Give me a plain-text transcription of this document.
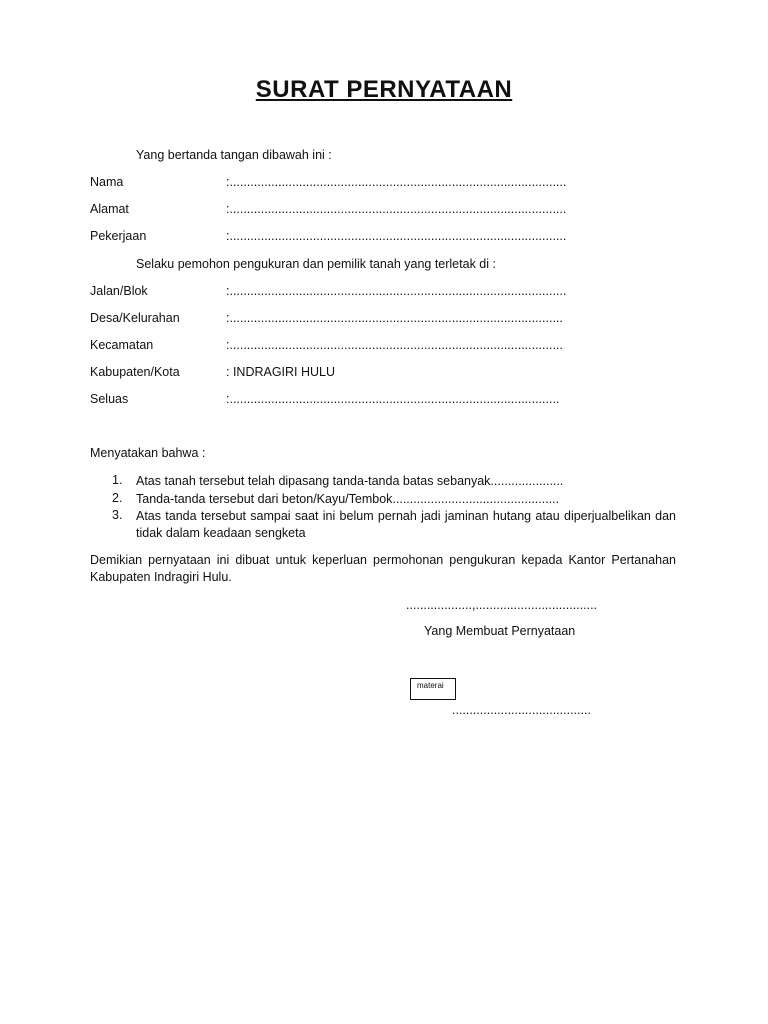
SURAT PERNYATAAN
Yang bertanda tangan dibawah ini :
Nama	:.................................................................................................
Alamat	:.................................................................................................
Pekerjaan	:.................................................................................................
Selaku pemohon pengukuran dan pemilik tanah yang terletak di :
Jalan/Blok	:.................................................................................................
Desa/Kelurahan	:................................................................................................
Kecamatan	:................................................................................................
Kabupaten/Kota	: INDRAGIRI HULU
Seluas	:...............................................................................................
Menyatakan bahwa :
1. Atas tanah tersebut telah dipasang tanda-tanda batas sebanyak.....................
2. Tanda-tanda tersebut dari beton/Kayu/Tembok................................................
3. Atas tanda tersebut sampai saat ini belum pernah jadi jaminan hutang atau diperjualbelikan dan tidak dalam keadaan sengketa
Demikian pernyataan ini dibuat untuk keperluan permohonan pengukuran kepada Kantor Pertanahan Kabupaten Indragiri Hulu.
...................,...................................
Yang Membuat Pernyataan
materai
........................................
